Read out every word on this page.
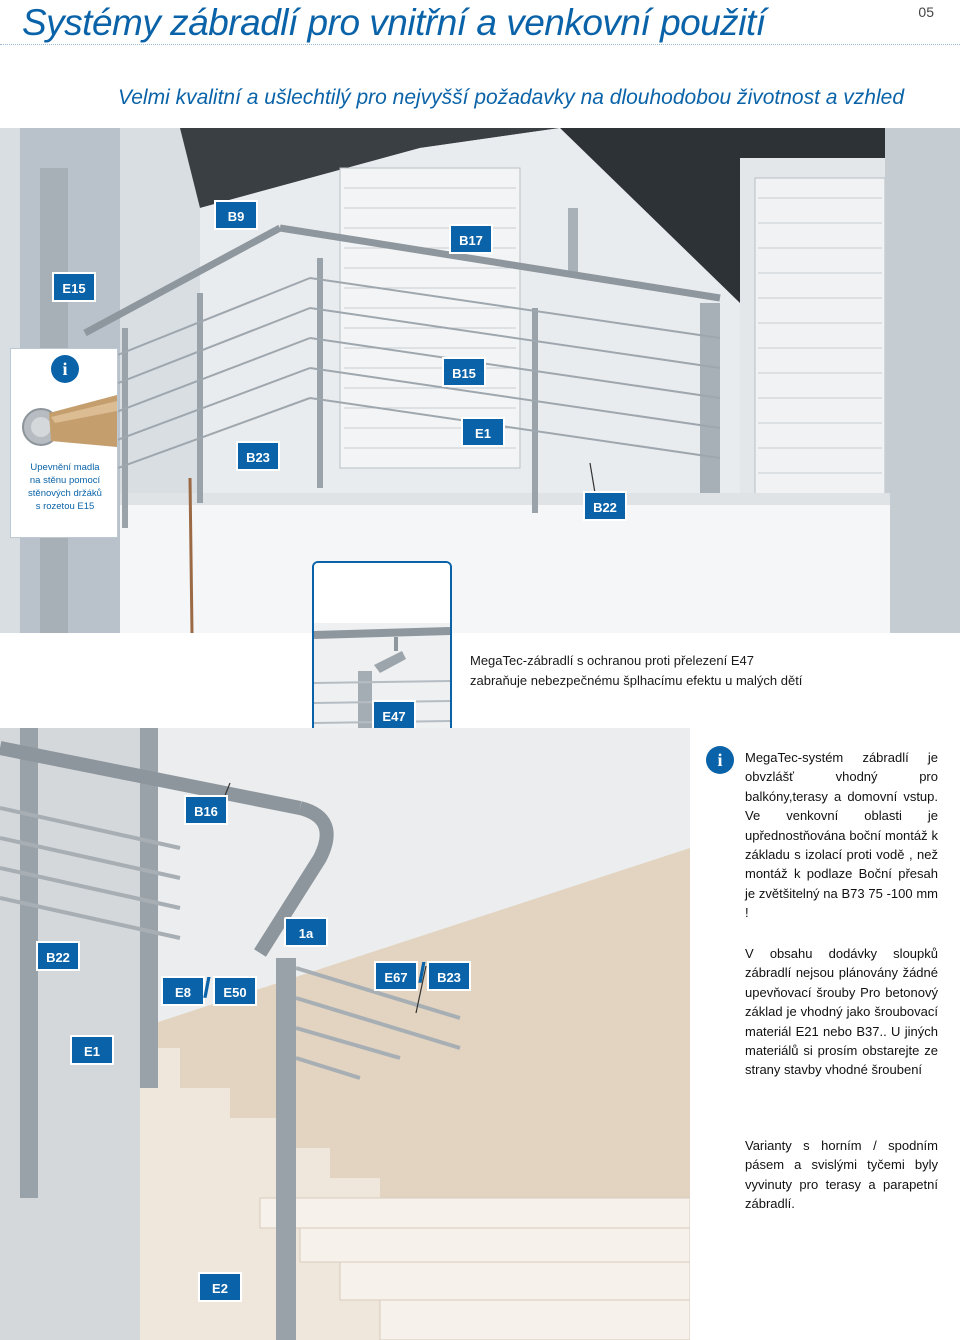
Systémy zábradlí pro vnitřní a venkovní použití	05
Velmi kvalitní a ušlechtilý pro nejvyšší požadavky na dlouhodobou životnost a vzhled
B9
B17
E15
B15
E1
B23
B22
i
Upevnění madla
na stěnu pomocí
stěnových držáků
s rozetou E15
MegaTec-zábradlí s ochranou proti přelezení E47
zabraňuje nebezpečnému šplhacímu efektu u malých dětí
E47
B16
1a
B22
E8 / E50
E67 / B23
E1
E2
i	MegaTec-systém zábradlí je obvzlášť vhodný pro balkóny,terasy a domovní vstup. Ve venkovní oblasti je upřednostňována boční montáž k základu s izolací proti vodě , než montáž k podlaze Boční přesah je zvětšitelný na B73 75 -100 mm !

V obsahu dodávky sloupků zábradlí nejsou plánovány žádné upevňovací šrouby Pro betonový základ je vhodný jako šroubovací materiál E21 nebo B37.. U jiných materiálů si prosím obstarejte ze strany stavby vhodné šroubení

Varianty s horním / spodním pásem a svislými tyčemi byly vyvinuty pro terasy a parapetní zábradlí.
